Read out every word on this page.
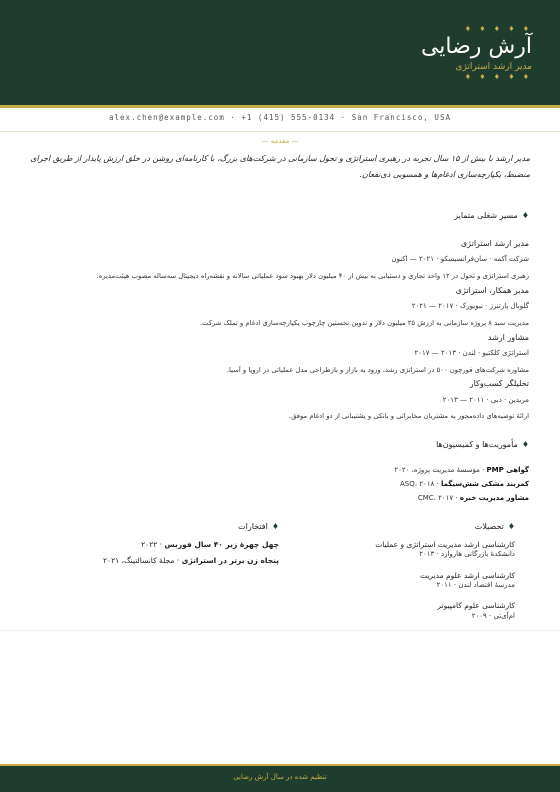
♦ ♦ ♦ ♦ ♦
آرش رضایی
مدیر ارشد استراتژی
♦ ♦ ♦ ♦ ♦
alex.chen@example.com · +1 (415) 555-0134 · San Francisco, USA
— مقدمه —
مدیر ارشد با بیش از ۱۵ سال تجربه در رهبری استراتژی و تحول سازمانی در شرکت‌های بزرگ، با کارنامه‌ای روشن در خلق ارزش پایدار از طریق اجرای منضبط، یکپارچه‌سازی ادغام‌ها و همسویی ذی‌نفعان.
♦مسیر شغلی متمایز
مدیر ارشد استراتژی
شرکت آکمه · سان‌فرانسیسکو · ۲۰۲۱ — اکنون
رهبری استراتژی و تحول در ۱۲ واحد تجاری و دستیابی به بیش از ۴۰ میلیون دلار بهبود سود عملیاتی سالانه و نقشه‌راه دیجیتال سه‌ساله مصوب هیئت‌مدیره.
مدیر همکار، استراتژی
گلوبال پارتنرز · نیویورک · ۲۰۱۷ — ۲۰۲۱
مدیریت سبد ۸ پروژه سازمانی به ارزش ۲۵ میلیون دلار و تدوین نخستین چارچوب یکپارچه‌سازی ادغام و تملک شرکت.
مشاور ارشد
استراتژی کلکتیو · لندن · ۲۰۱۳ — ۲۰۱۷
مشاوره شرکت‌های فورچون ۵۰۰ در استراتژی رشد، ورود به بازار و بازطراحی مدل عملیاتی در اروپا و آسیا.
تحلیلگر کسب‌وکار
مریدین · دبی · ۲۰۱۱ — ۲۰۱۳
ارائهٔ توصیه‌های داده‌محور به مشتریان مخابراتی و بانکی و پشتیبانی از دو ادغام موفق.
♦مأموریت‌ها و کمیسیون‌ها
گواهی PMP · مؤسسهٔ مدیریت پروژه، ۲۰۲۰
کمربند مشکی شش‌سیگما · ASQ، ۲۰۱۸
مشاور مدیریت خبره · CMC، ۲۰۱۷
♦تحصیلات
کارشناسی ارشد مدیریت استراتژی و عملیات
دانشکدهٔ بازرگانی هاروارد · ۲۰۱۳
کارشناسی ارشد علوم مدیریت
مدرسهٔ اقتصاد لندن · ۲۰۱۱
کارشناسی علوم کامپیوتر
ام‌آی‌تی · ۲۰۰۹
♦افتخارات
چهل چهرهٔ زیر ۴۰ سال فوربس · ۲۰۲۲
پنجاه زن برتر در استراتژی · مجلهٔ کانسالتینگ، ۲۰۲۱
تنظیم شده در سال آرش رضایی
